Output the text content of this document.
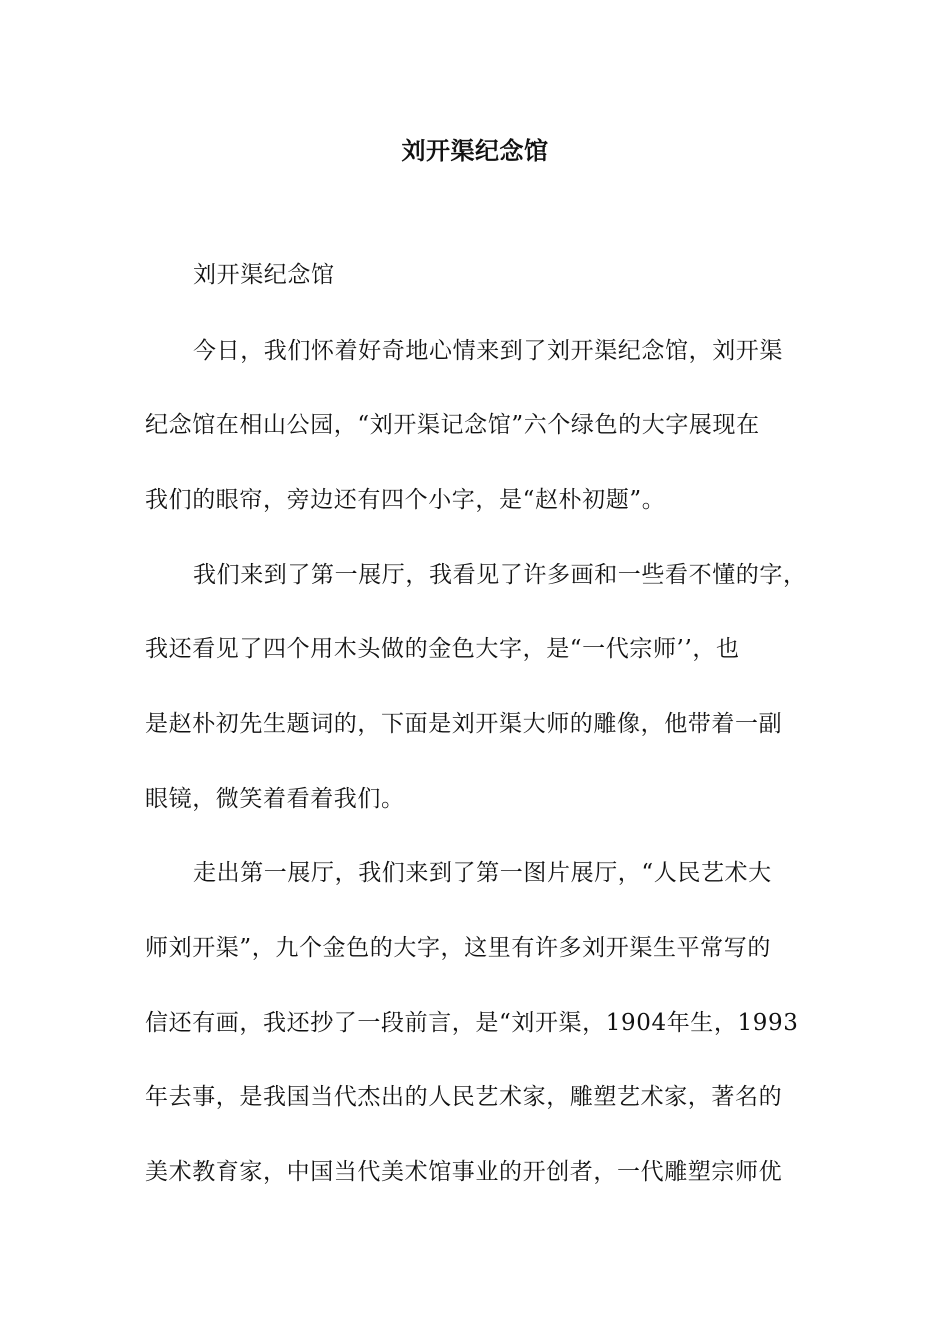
刘开渠纪念馆
刘开渠纪念馆
今日，我们怀着好奇地心情来到了刘开渠纪念馆，刘开渠
纪念馆在相山公园，“刘开渠记念馆”六个绿色的大字展现在
我们的眼帘，旁边还有四个小字，是“赵朴初题”。
我们来到了第一展厅，我看见了许多画和一些看不懂的字，
我还看见了四个用木头做的金色大字，是“一代宗师’’，也
是赵朴初先生题词的，下面是刘开渠大师的雕像，他带着一副
眼镜，微笑着看着我们。
走出第一展厅，我们来到了第一图片展厅，“人民艺术大
师刘开渠”，九个金色的大字，这里有许多刘开渠生平常写的
信还有画，我还抄了一段前言，是“刘开渠，1904年生，1993
年去事，是我国当代杰出的人民艺术家，雕塑艺术家，著名的
美术教育家，中国当代美术馆事业的开创者，一代雕塑宗师优
